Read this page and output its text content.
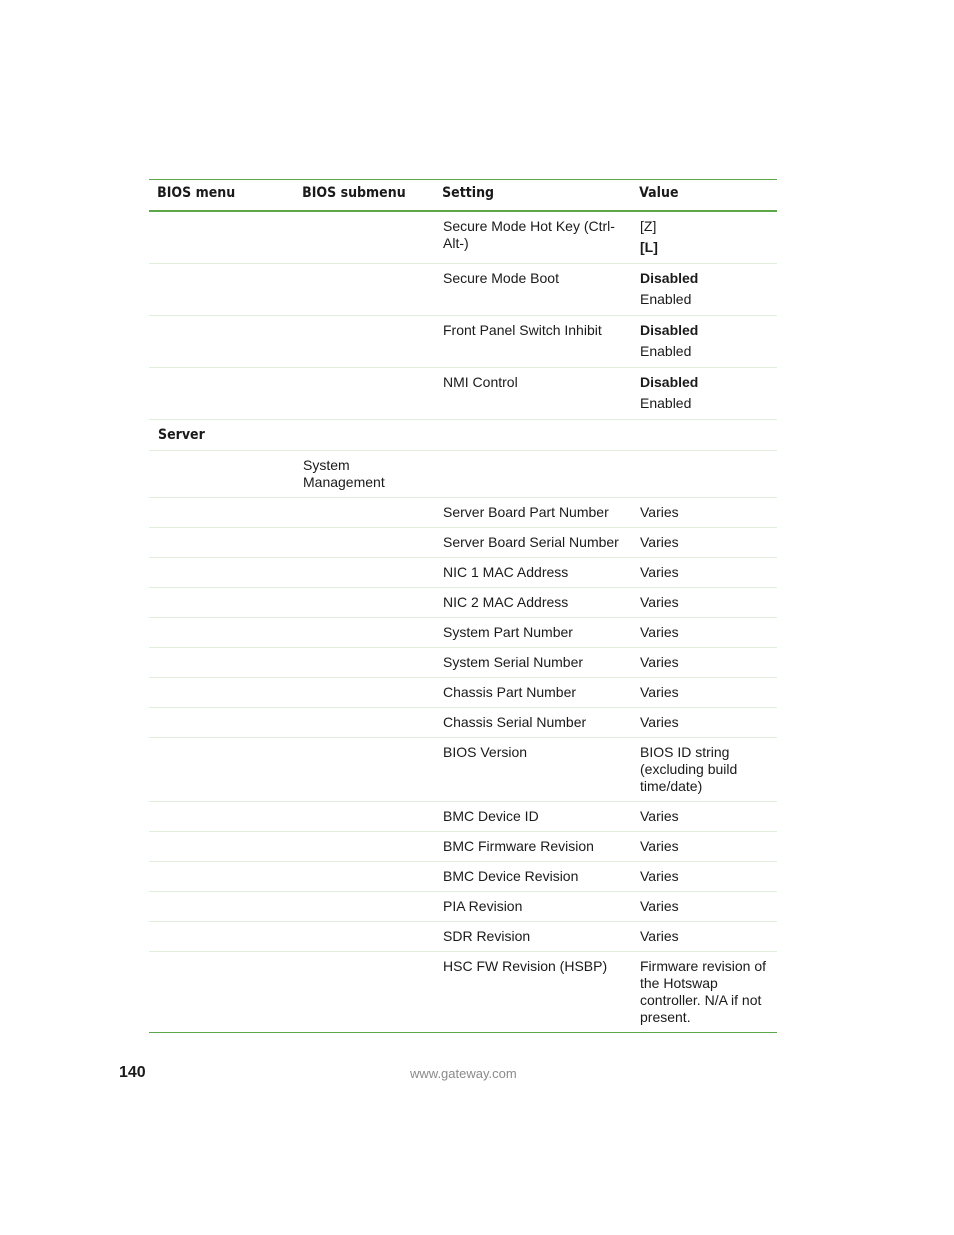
BIOS menu	BIOS submenu	Setting	Value
		Secure Mode Hot Key (Ctrl-Alt-)	[Z]
[L]

		Secure Mode Boot	Disabled
Enabled

		Front Panel Switch Inhibit	Disabled
Enabled

		NMI Control	Disabled
Enabled

Server			
	System Management		
		Server Board Part Number	Varies

		Server Board Serial Number	Varies

		NIC 1 MAC Address	Varies

		NIC 2 MAC Address	Varies

		System Part Number	Varies

		System Serial Number	Varies

		Chassis Part Number	Varies

		Chassis Serial Number	Varies

		BIOS Version	BIOS ID string (excluding build time/date)

		BMC Device ID	Varies

		BMC Firmware Revision	Varies

		BMC Device Revision	Varies

		PIA Revision	Varies

		SDR Revision	Varies

		HSC FW Revision (HSBP)	Firmware revision of the Hotswap controller. N/A if not present.
140	www.gateway.com
